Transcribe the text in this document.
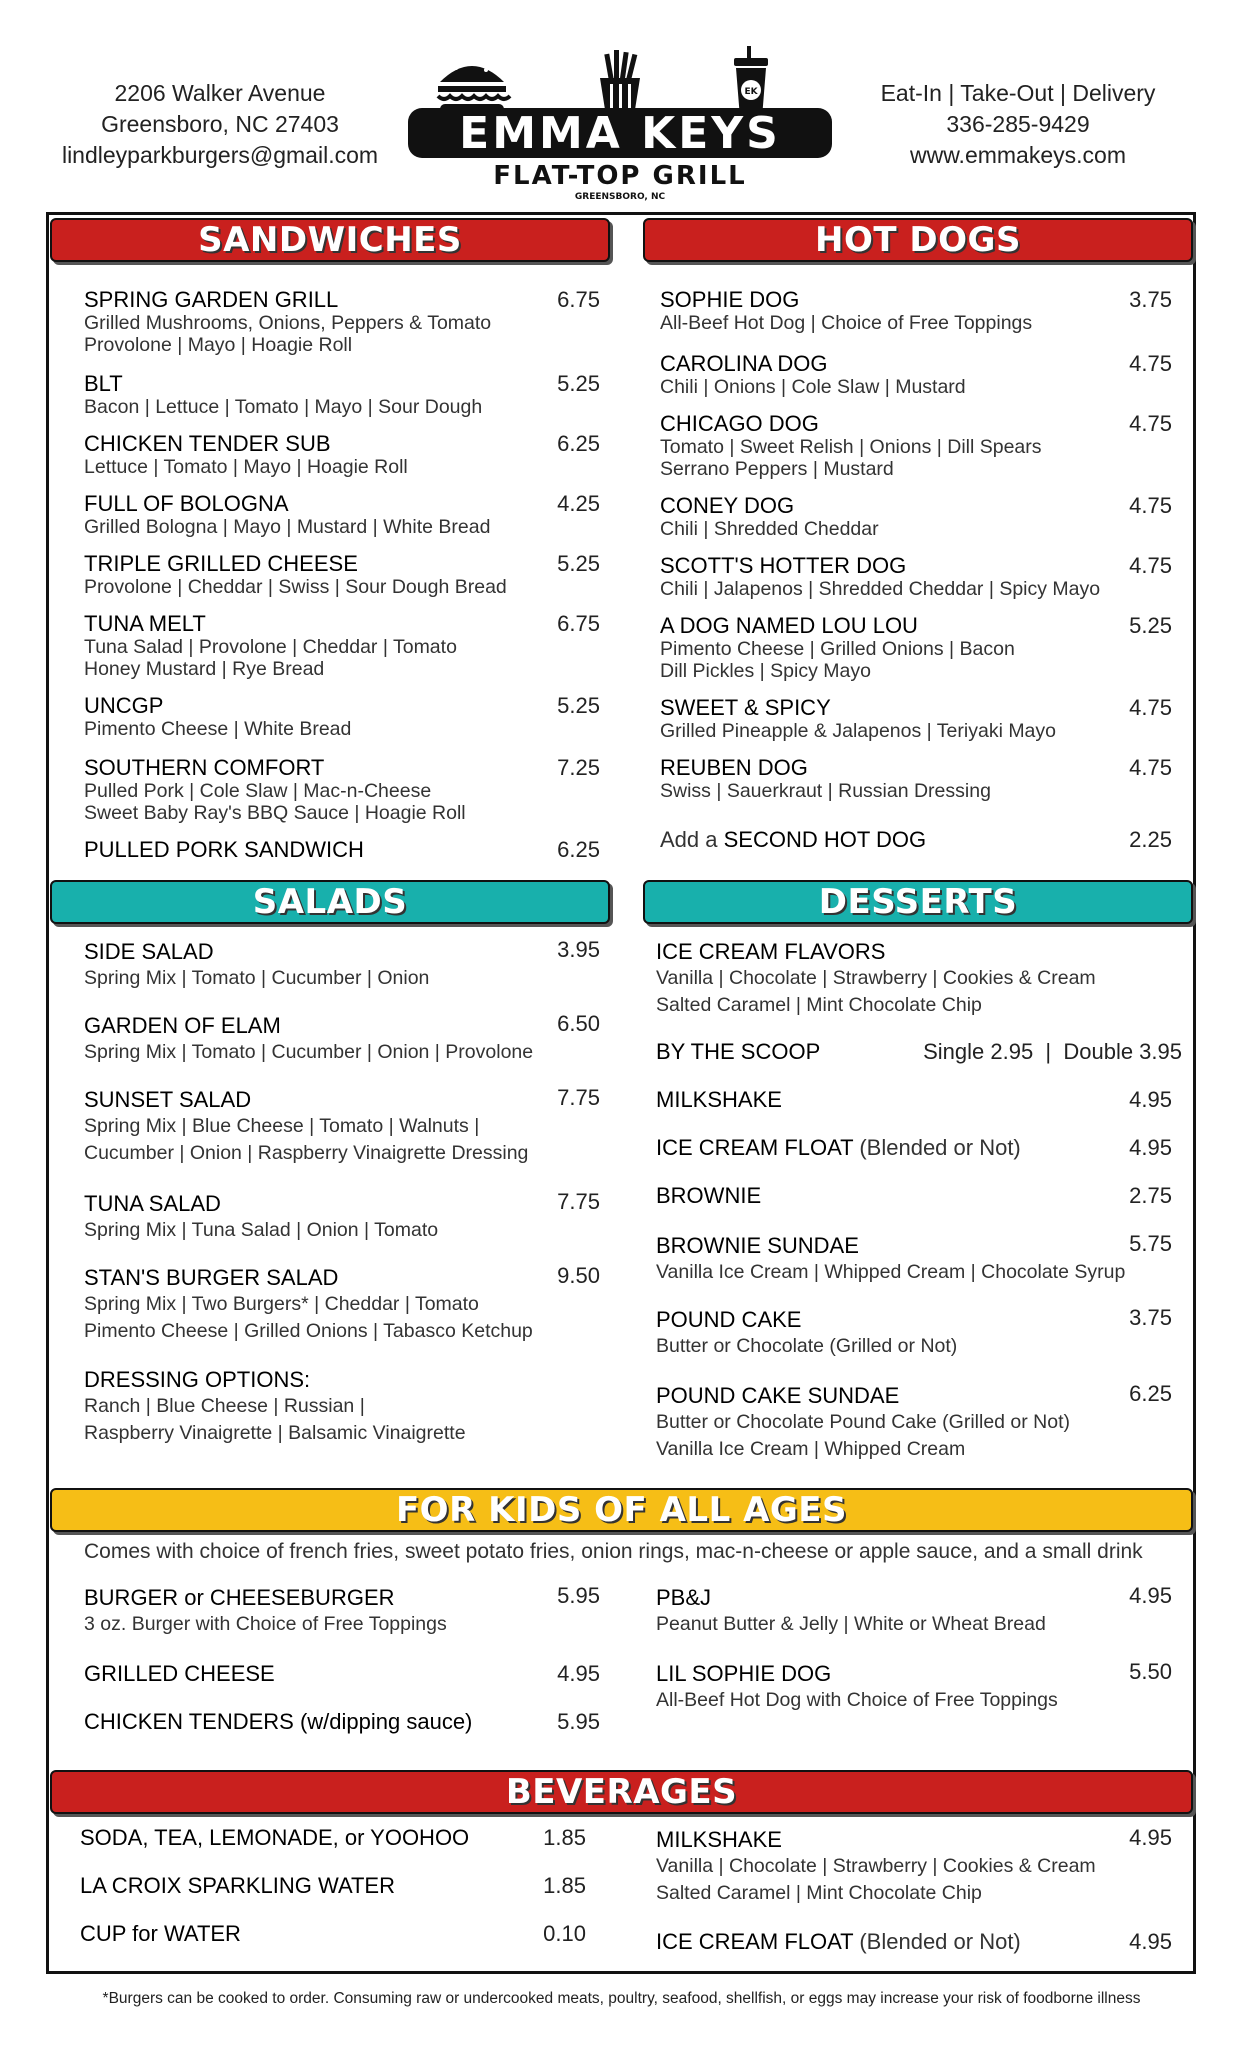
2206 Walker Avenue
Greensboro, NC 27403
lindleyparkburgers@gmail.com
Eat-In | Take-Out | Delivery
336-285-9429
www.emmakeys.com
EK
EMMA KEYS
FLAT-TOP GRILL
GREENSBORO, NC
SANDWICHES	HOT DOGS
SALADS	DESSERTS
FOR KIDS OF ALL AGES
BEVERAGES
SPRING GARDEN GRILL	6.75
Grilled Mushrooms, Onions, Peppers & Tomato
Provolone | Mayo | Hoagie Roll
BLT	5.25
Bacon | Lettuce | Tomato | Mayo | Sour Dough
CHICKEN TENDER SUB	6.25
Lettuce | Tomato | Mayo | Hoagie Roll
FULL OF BOLOGNA	4.25
Grilled Bologna | Mayo | Mustard | White Bread
TRIPLE GRILLED CHEESE	5.25
Provolone | Cheddar | Swiss | Sour Dough Bread
TUNA MELT	6.75
Tuna Salad | Provolone | Cheddar | Tomato
Honey Mustard | Rye Bread
UNCGP	5.25
Pimento Cheese | White Bread
SOUTHERN COMFORT	7.25
Pulled Pork | Cole Slaw | Mac-n-Cheese
Sweet Baby Ray's BBQ Sauce | Hoagie Roll
PULLED PORK SANDWICH	6.25
SOPHIE DOG	3.75
All-Beef Hot Dog | Choice of Free Toppings
CAROLINA DOG	4.75
Chili | Onions | Cole Slaw | Mustard
CHICAGO DOG	4.75
Tomato | Sweet Relish | Onions | Dill Spears
Serrano Peppers | Mustard
CONEY DOG	4.75
Chili | Shredded Cheddar
SCOTT'S HOTTER DOG	4.75
Chili | Jalapenos | Shredded Cheddar | Spicy Mayo
A DOG NAMED LOU LOU	5.25
Pimento Cheese | Grilled Onions | Bacon
Dill Pickles | Spicy Mayo
SWEET & SPICY	4.75
Grilled Pineapple & Jalapenos | Teriyaki Mayo
REUBEN DOG	4.75
Swiss | Sauerkraut | Russian Dressing
Add a SECOND HOT DOG	2.25
SIDE SALAD	3.95
Spring Mix | Tomato | Cucumber | Onion
GARDEN OF ELAM	6.50
Spring Mix | Tomato | Cucumber | Onion | Provolone
SUNSET SALAD	7.75
Spring Mix | Blue Cheese | Tomato | Walnuts |
Cucumber | Onion | Raspberry Vinaigrette Dressing
TUNA SALAD	7.75
Spring Mix | Tuna Salad | Onion | Tomato
STAN'S BURGER SALAD	9.50
Spring Mix | Two Burgers* | Cheddar | Tomato
Pimento Cheese | Grilled Onions | Tabasco Ketchup
DRESSING OPTIONS:
Ranch | Blue Cheese | Russian |
Raspberry Vinaigrette | Balsamic Vinaigrette
ICE CREAM FLAVORS
Vanilla | Chocolate | Strawberry | Cookies & Cream
Salted Caramel | Mint Chocolate Chip
BY THE SCOOP	Single 2.95  |  Double 3.95
MILKSHAKE	4.95
ICE CREAM FLOAT (Blended or Not)	4.95
BROWNIE	2.75
BROWNIE SUNDAE	5.75
Vanilla Ice Cream | Whipped Cream | Chocolate Syrup
POUND CAKE	3.75
Butter or Chocolate (Grilled or Not)
POUND CAKE SUNDAE	6.25
Butter or Chocolate Pound Cake (Grilled or Not)
Vanilla Ice Cream | Whipped Cream
Comes with choice of french fries, sweet potato fries, onion rings, mac-n-cheese or apple sauce, and a small drink
BURGER or CHEESEBURGER	5.95
3 oz. Burger with Choice of Free Toppings
GRILLED CHEESE	4.95
CHICKEN TENDERS (w/dipping sauce)	5.95
PB&J	4.95
Peanut Butter & Jelly | White or Wheat Bread
LIL SOPHIE DOG	5.50
All-Beef Hot Dog with Choice of Free Toppings
SODA, TEA, LEMONADE, or YOOHOO	1.85
LA CROIX SPARKLING WATER	1.85
CUP for WATER	0.10
MILKSHAKE	4.95
Vanilla | Chocolate | Strawberry | Cookies & Cream
Salted Caramel | Mint Chocolate Chip
ICE CREAM FLOAT (Blended or Not)	4.95
*Burgers can be cooked to order. Consuming raw or undercooked meats, poultry, seafood, shellfish, or eggs may increase your risk of foodborne illness
